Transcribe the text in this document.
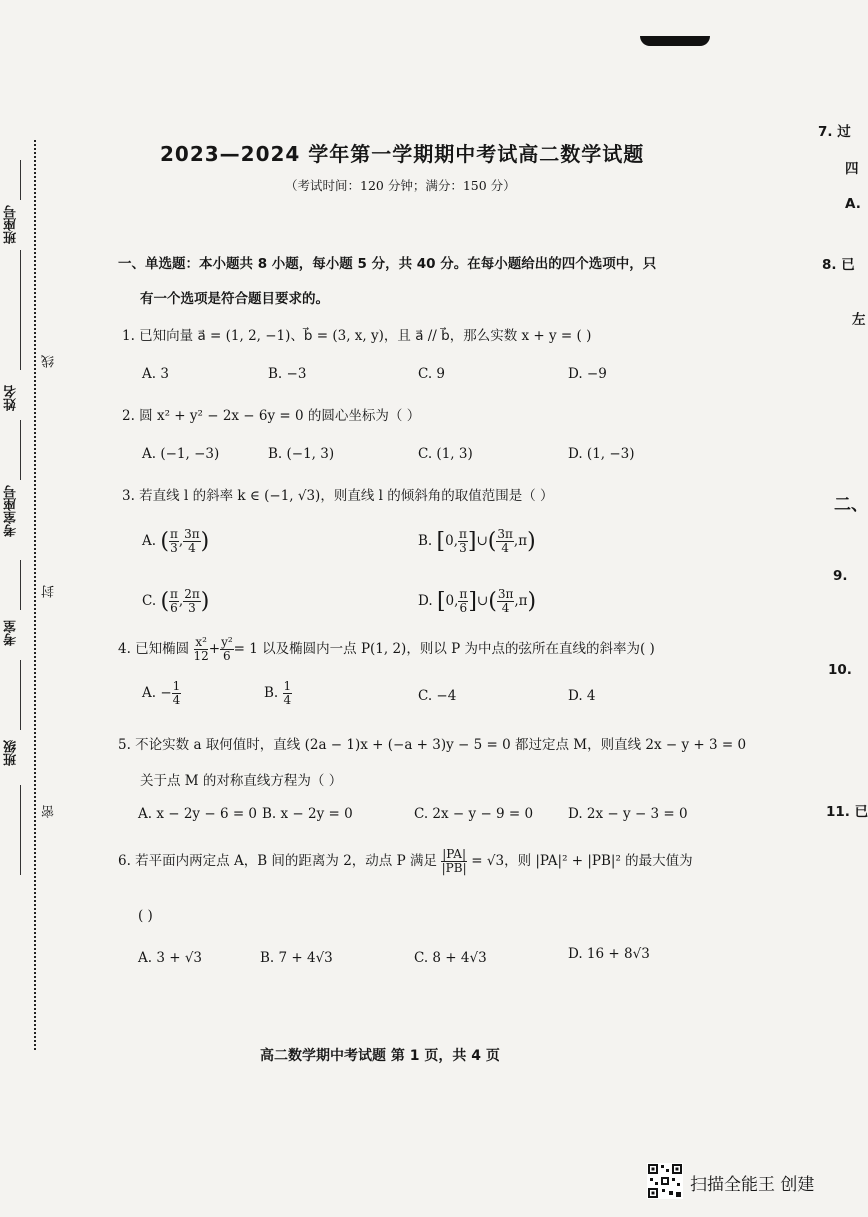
班座号
姓名
线
考室座号
封
考室
班级
密
2023—2024 学年第一学期期中考试高二数学试题
（考试时间：120 分钟；满分：150 分）
一、单选题：本小题共 8 小题，每小题 5 分，共 40 分。在每小题给出的四个选项中，只
有一个选项是符合题目要求的。
1. 已知向量 a⃗ = (1, 2, −1)、b⃗ = (3, x, y)，且 a⃗ // b⃗，那么实数 x + y = ( )
A. 3	B. −3	C. 9	D. −9
2. 圆 x² + y² − 2x − 6y = 0 的圆心坐标为（ ）
A. (−1, −3)	B. (−1, 3)	C. (1, 3)	D. (1, −3)
3. 若直线 l 的斜率 k ∈ (−1, √3)，则直线 l 的倾斜角的取值范围是（ ）
A. ( $\frac{\pi}{3}$ , $\frac{3\pi}{4}$ )	B. [0, $\frac{\pi}{3}$ ]∪( $\frac{3\pi}{4} ,\pi$)
C. ( $\frac{\pi}{6}$ , $\frac{2\pi}{3}$ )	D. [0, $\frac{\pi}{6}$ ]∪( $\frac{3\pi}{4} ,\pi$)
4. 已知椭圆 $\frac{\text{x²}}{12} + \frac{\text{y²}}{6} = 1$ 以及椭圆内一点 P(1, 2)，则以 P 为中点的弦所在直线的斜率为( )
A. − $\frac{1}{4}$	B. $\frac{1}{4}$	C. −4	D. 4
5. 不论实数 a 取何值时，直线 (2a − 1)x + (−a + 3)y − 5 = 0 都过定点 M，则直线 2x − y + 3 = 0
关于点 M 的对称直线方程为（ ）
A. x − 2y − 6 = 0 B. x − 2y = 0	C. 2x − y − 9 = 0	D. 2x − y − 3 = 0
6. 若平面内两定点 A，B 间的距离为 2，动点 P 满足 $\frac{|PA|}{|PB|} = √3$，则 |PA|² + |PB|² 的最大值为
( )
A. 3 + √3	B. 7 + 4√3	C. 8 + 4√3	D. 16 + 8√3
高二数学期中考试题 第 1 页，共 4 页
7. 过
四
A.
8. 已
左
二、
9.
10.
11. 已
扫描全能王 创建
